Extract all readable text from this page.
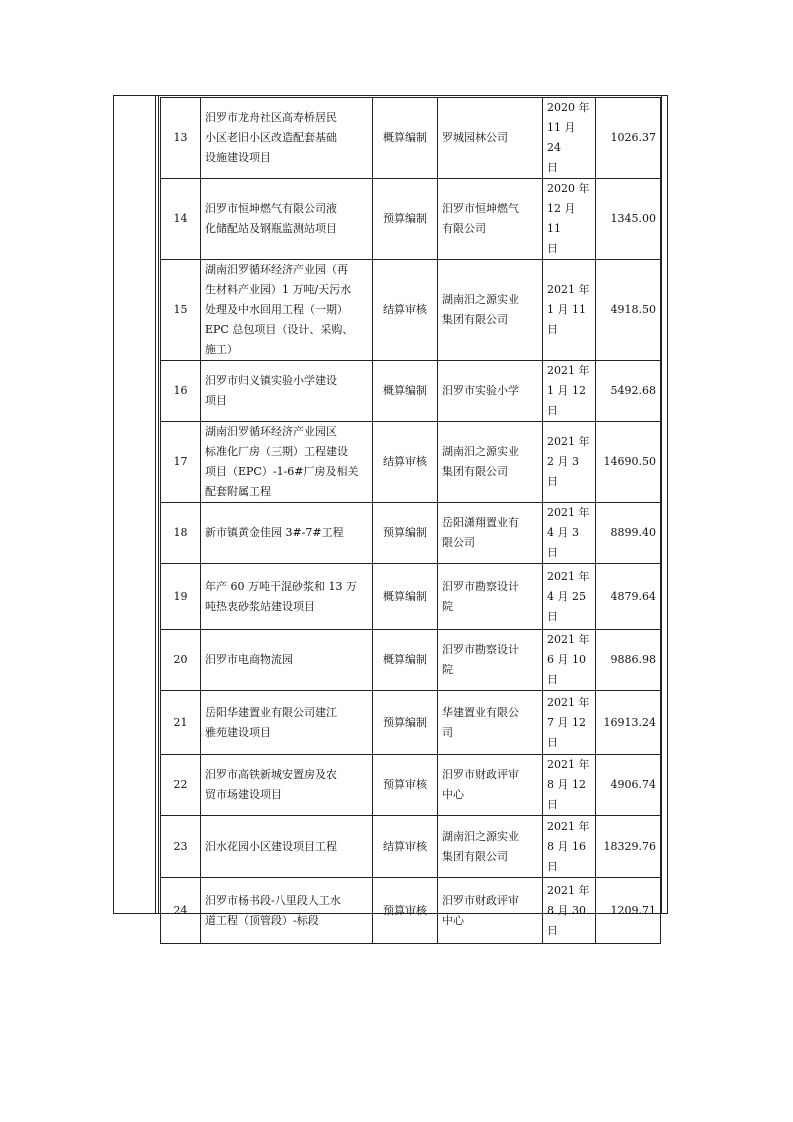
13	汨罗市龙舟社区高寿桥居民
小区老旧小区改造配套基础
设施建设项目	概算编制	罗城园林公司	2020 年
11 月 24
日	1026.37

14	汨罗市恒坤燃气有限公司液
化储配站及钢瓶监测站项目	预算编制	汨罗市恒坤燃气
有限公司	2020 年
12 月 11
日	1345.00

15	湖南汨罗循环经济产业园（再
生材料产业园）1 万吨/天污水
处理及中水回用工程（一期）
EPC 总包项目（设计、采购、
施工）	结算审核	湖南汨之源实业
集团有限公司	2021 年
1 月 11
日	4918.50

16	汨罗市归义镇实验小学建设
项目	概算编制	汨罗市实验小学	2021 年
1 月 12
日	5492.68

17	湖南汨罗循环经济产业园区
标准化厂房（三期）工程建设
项目（EPC）-1-6#厂房及相关
配套附属工程	结算审核	湖南汨之源实业
集团有限公司	2021 年
2 月 3
日	14690.50

18	新市镇黄金佳园 3#-7#工程	预算编制	岳阳潇翔置业有
限公司	2021 年
4 月 3
日	8899.40

19	年产 60 万吨干混砂浆和 13 万
吨热衷砂浆站建设项目	概算编制	汨罗市勘察设计
院	2021 年
4 月 25
日	4879.64

20	汨罗市电商物流园	概算编制	汨罗市勘察设计
院	2021 年
6 月 10
日	9886.98

21	岳阳华建置业有限公司建江
雅苑建设项目	预算编制	华建置业有限公
司	2021 年
7 月 12
日	16913.24

22	汨罗市高铁新城安置房及农
贸市场建设项目	预算审核	汨罗市财政评审
中心	2021 年
8 月 12
日	4906.74

23	汨水花园小区建设项目工程	结算审核	湖南汨之源实业
集团有限公司	2021 年
8 月 16
日	18329.76

24	汨罗市杨书段-八里段人工水
道工程（顶管段）-标段	预算审核	汨罗市财政评审
中心	2021 年
8 月 30
日	1209.71
